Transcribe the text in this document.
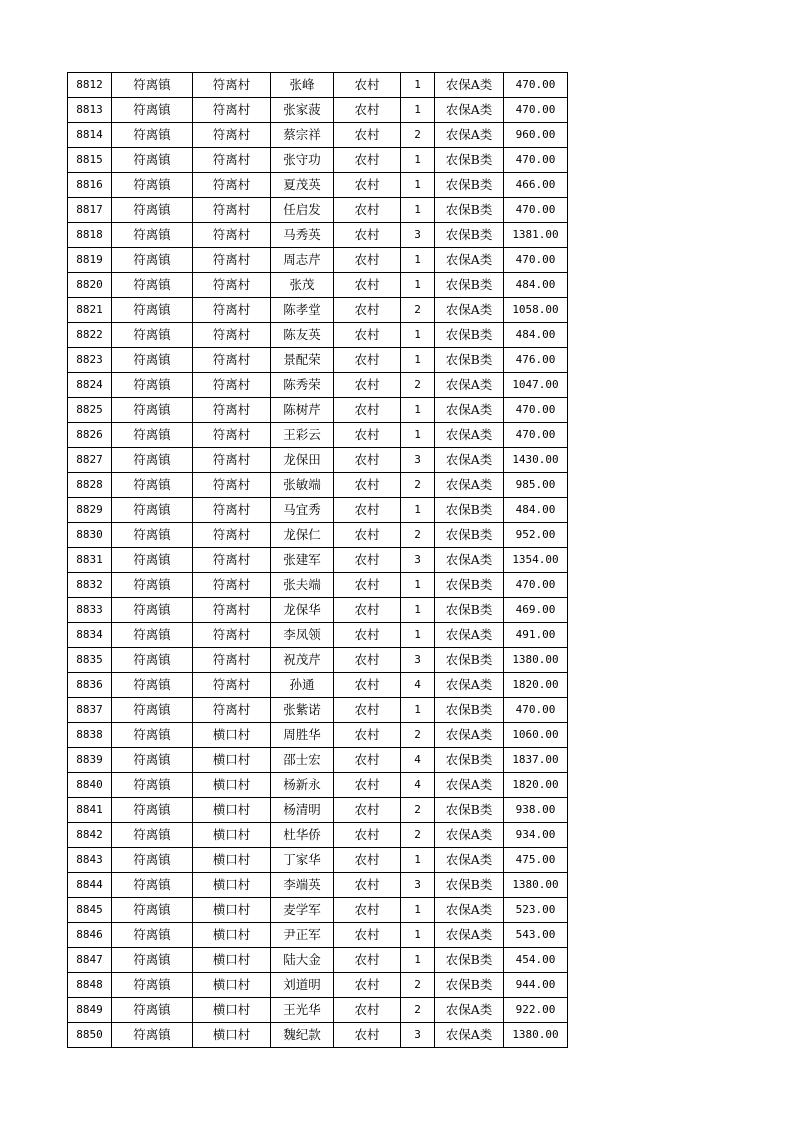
8812	符离镇	符离村	张峰	农村	1	农保A类	470.00
8813	符离镇	符离村	张家菠	农村	1	农保A类	470.00
8814	符离镇	符离村	蔡宗祥	农村	2	农保A类	960.00
8815	符离镇	符离村	张守功	农村	1	农保B类	470.00
8816	符离镇	符离村	夏茂英	农村	1	农保B类	466.00
8817	符离镇	符离村	任启发	农村	1	农保B类	470.00
8818	符离镇	符离村	马秀英	农村	3	农保B类	1381.00
8819	符离镇	符离村	周志芹	农村	1	农保A类	470.00
8820	符离镇	符离村	张茂	农村	1	农保B类	484.00
8821	符离镇	符离村	陈孝堂	农村	2	农保A类	1058.00
8822	符离镇	符离村	陈友英	农村	1	农保B类	484.00
8823	符离镇	符离村	景配荣	农村	1	农保B类	476.00
8824	符离镇	符离村	陈秀荣	农村	2	农保A类	1047.00
8825	符离镇	符离村	陈树芹	农村	1	农保A类	470.00
8826	符离镇	符离村	王彩云	农村	1	农保A类	470.00
8827	符离镇	符离村	龙保田	农村	3	农保A类	1430.00
8828	符离镇	符离村	张敏端	农村	2	农保A类	985.00
8829	符离镇	符离村	马宜秀	农村	1	农保B类	484.00
8830	符离镇	符离村	龙保仁	农村	2	农保B类	952.00
8831	符离镇	符离村	张建军	农村	3	农保A类	1354.00
8832	符离镇	符离村	张夫端	农村	1	农保B类	470.00
8833	符离镇	符离村	龙保华	农村	1	农保B类	469.00
8834	符离镇	符离村	李凤领	农村	1	农保A类	491.00
8835	符离镇	符离村	祝茂芹	农村	3	农保B类	1380.00
8836	符离镇	符离村	孙通	农村	4	农保A类	1820.00
8837	符离镇	符离村	张紫诺	农村	1	农保B类	470.00
8838	符离镇	横口村	周胜华	农村	2	农保A类	1060.00
8839	符离镇	横口村	邵士宏	农村	4	农保B类	1837.00
8840	符离镇	横口村	杨新永	农村	4	农保A类	1820.00
8841	符离镇	横口村	杨清明	农村	2	农保B类	938.00
8842	符离镇	横口村	杜华侨	农村	2	农保A类	934.00
8843	符离镇	横口村	丁家华	农村	1	农保A类	475.00
8844	符离镇	横口村	李端英	农村	3	农保B类	1380.00
8845	符离镇	横口村	麦学军	农村	1	农保A类	523.00
8846	符离镇	横口村	尹正军	农村	1	农保A类	543.00
8847	符离镇	横口村	陆大金	农村	1	农保B类	454.00
8848	符离镇	横口村	刘道明	农村	2	农保B类	944.00
8849	符离镇	横口村	王光华	农村	2	农保A类	922.00
8850	符离镇	横口村	魏纪款	农村	3	农保A类	1380.00
